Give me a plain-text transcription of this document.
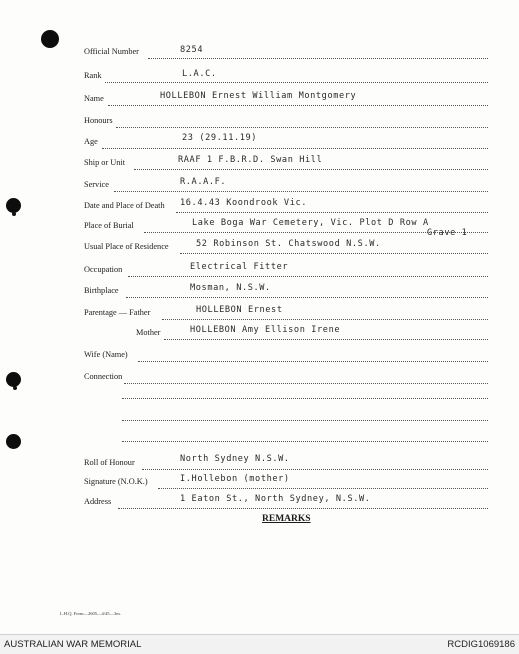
Official Number	8254
Rank	L.A.C.
Name	HOLLEBON Ernest William Montgomery
Honours
Age	23 (29.11.19)
Ship or Unit	RAAF 1 F.B.R.D. Swan Hill
Service	R.A.A.F.
Date and Place of Death 16.4.43 Koondrook Vic.
Place of Burial	Lake Boga War Cemetery, Vic. Plot D Row A
Grave 1
Usual Place of Residence	52 Robinson St. Chatswood N.S.W.
Occupation	Electrical Fitter
Birthplace	Mosman, N.S.W.
Parentage — Father	HOLLEBON Ernest
Mother	HOLLEBON Amy Ellison Irene
Wife (Name)
Connection
Roll of Honour	North Sydney N.S.W.
Signature (N.O.K.)	I.Hollebon (mother)
Address	1 Eaton St., North Sydney, N.S.W.
REMARKS
L.H.Q. Form—2605—4/45—3m.
AUSTRALIAN WAR MEMORIAL	RCDIG1069186
